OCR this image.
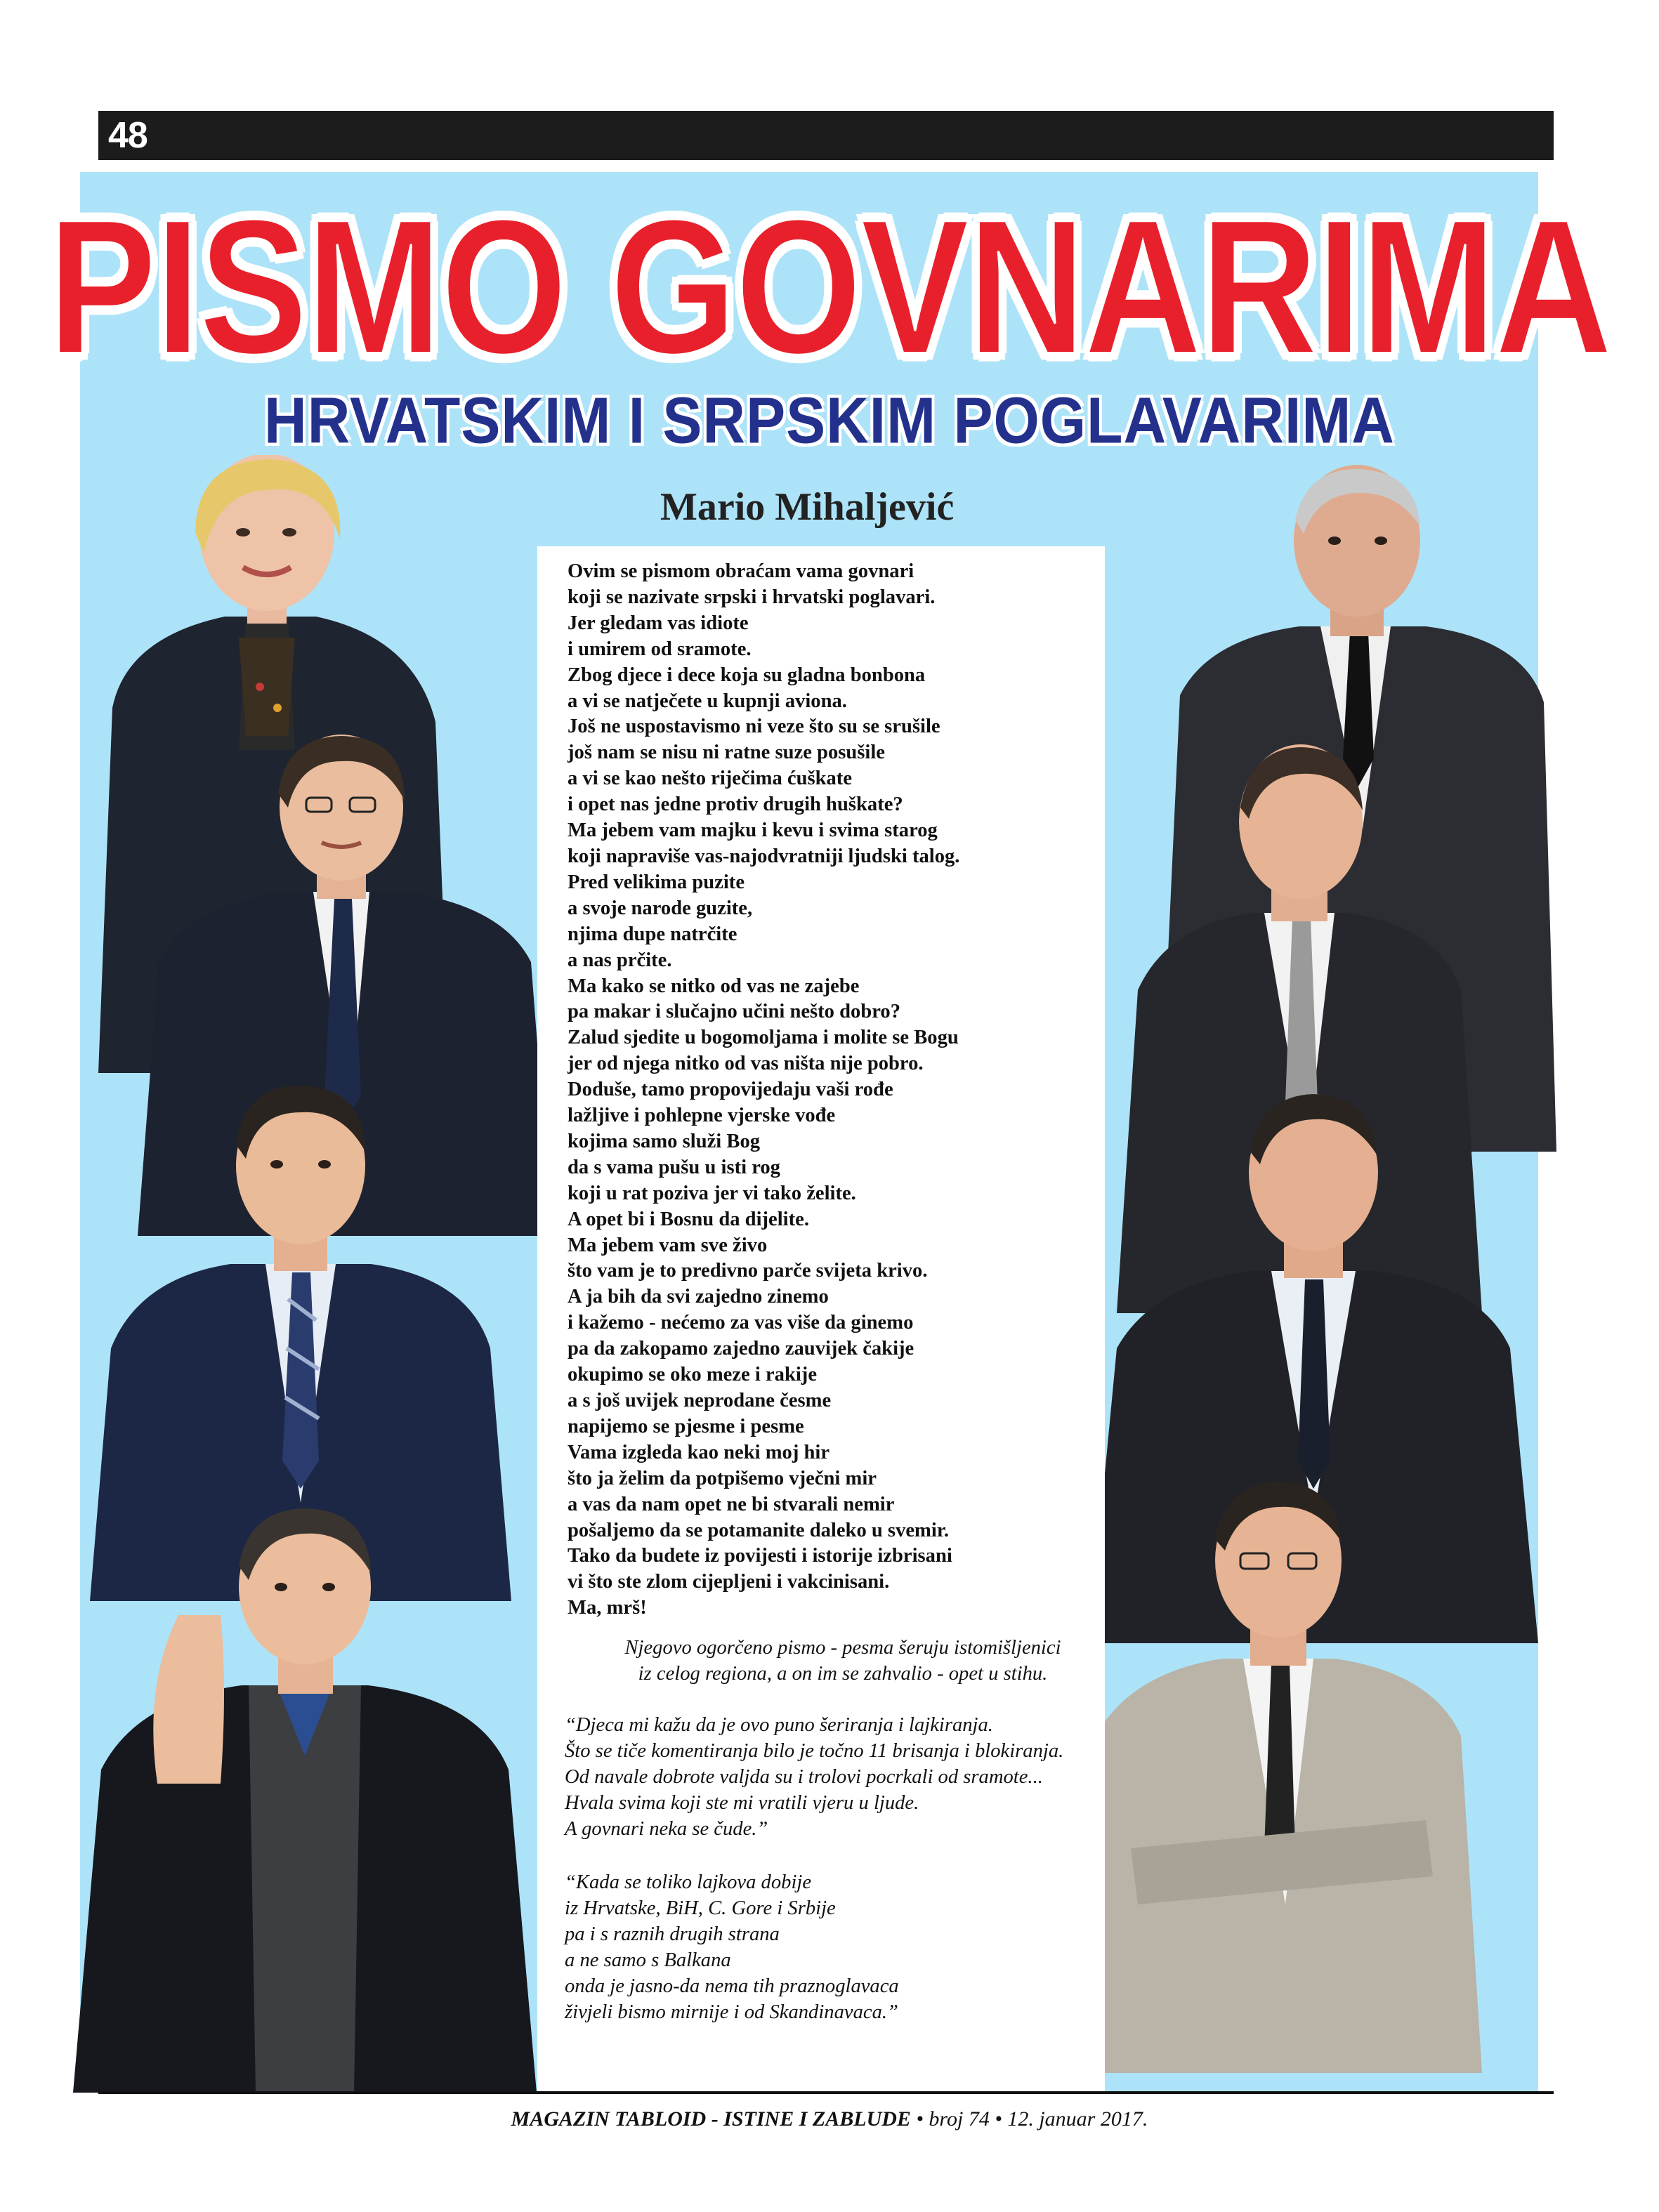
48
PISMO GOVNARIMA
HRVATSKIM I SRPSKIM POGLAVARIMA
Mario Mihaljević

Ovim se pismom obraćam vama govnari
koji se nazivate srpski i hrvatski poglavari.
Jer gledam vas idiote
i umirem od sramote.
Zbog djece i dece koja su gladna bonbona
a vi se natječete u kupnji aviona.
Još ne uspostavismo ni veze što su se srušile
još nam se nisu ni ratne suze posušile
a vi se kao nešto riječima ćuškate
i opet nas jedne protiv drugih huškate?
Ma jebem vam majku i kevu i svima starog
koji napraviše vas-najodvratniji ljudski talog.
Pred velikima puzite
a svoje narode guzite,
njima dupe natrčite
a nas prčite.
Ma kako se nitko od vas ne zajebe
pa makar i slučajno učini nešto dobro?
Zalud sjedite u bogomoljama i molite se Bogu
jer od njega nitko od vas ništa nije pobro.
Doduše, tamo propovijedaju vaši rođe
lažljive i pohlepne vjerske vođe
kojima samo služi Bog
da s vama pušu u isti rog
koji u rat poziva jer vi tako želite.
A opet bi i Bosnu da dijelite.
Ma jebem vam sve živo
što vam je to predivno parče svijeta krivo.
A ja bih da svi zajedno zinemo
i kažemo - nećemo za vas više da ginemo
pa da zakopamo zajedno zauvijek čakije
okupimo se oko meze i rakije
a s još uvijek neprodane česme
napijemo se pjesme i pesme
Vama izgleda kao neki moj hir
što ja želim da potpišemo vječni mir
a vas da nam opet ne bi stvarali nemir
pošaljemo da se potamanite daleko u svemir.
Tako da budete iz povijesti i istorije izbrisani
vi što ste zlom cijepljeni i vakcinisani.
Ma, mrš!

Njegovo ogorčeno pismo - pesma šeruju istomišljenici
iz celog regiona, a on im se zahvalio - opet u stihu.

“Djeca mi kažu da je ovo puno šeriranja i lajkiranja.
Što se tiče komentiranja bilo je točno 11 brisanja i blokiranja.
Od navale dobrote valjda su i trolovi pocrkali od sramote...
Hvala svima koji ste mi vratili vjeru u ljude.
A govnari neka se čude.”

“Kada se toliko lajkova dobije
iz Hrvatske, BiH, C. Gore i Srbije
pa i s raznih drugih strana
a ne samo s Balkana
onda je jasno-da nema tih praznoglavaca
živjeli bismo mirnije i od Skandinavaca.”

MAGAZIN TABLOID - ISTINE I ZABLUDE • broj 74 • 12. januar 2017.
